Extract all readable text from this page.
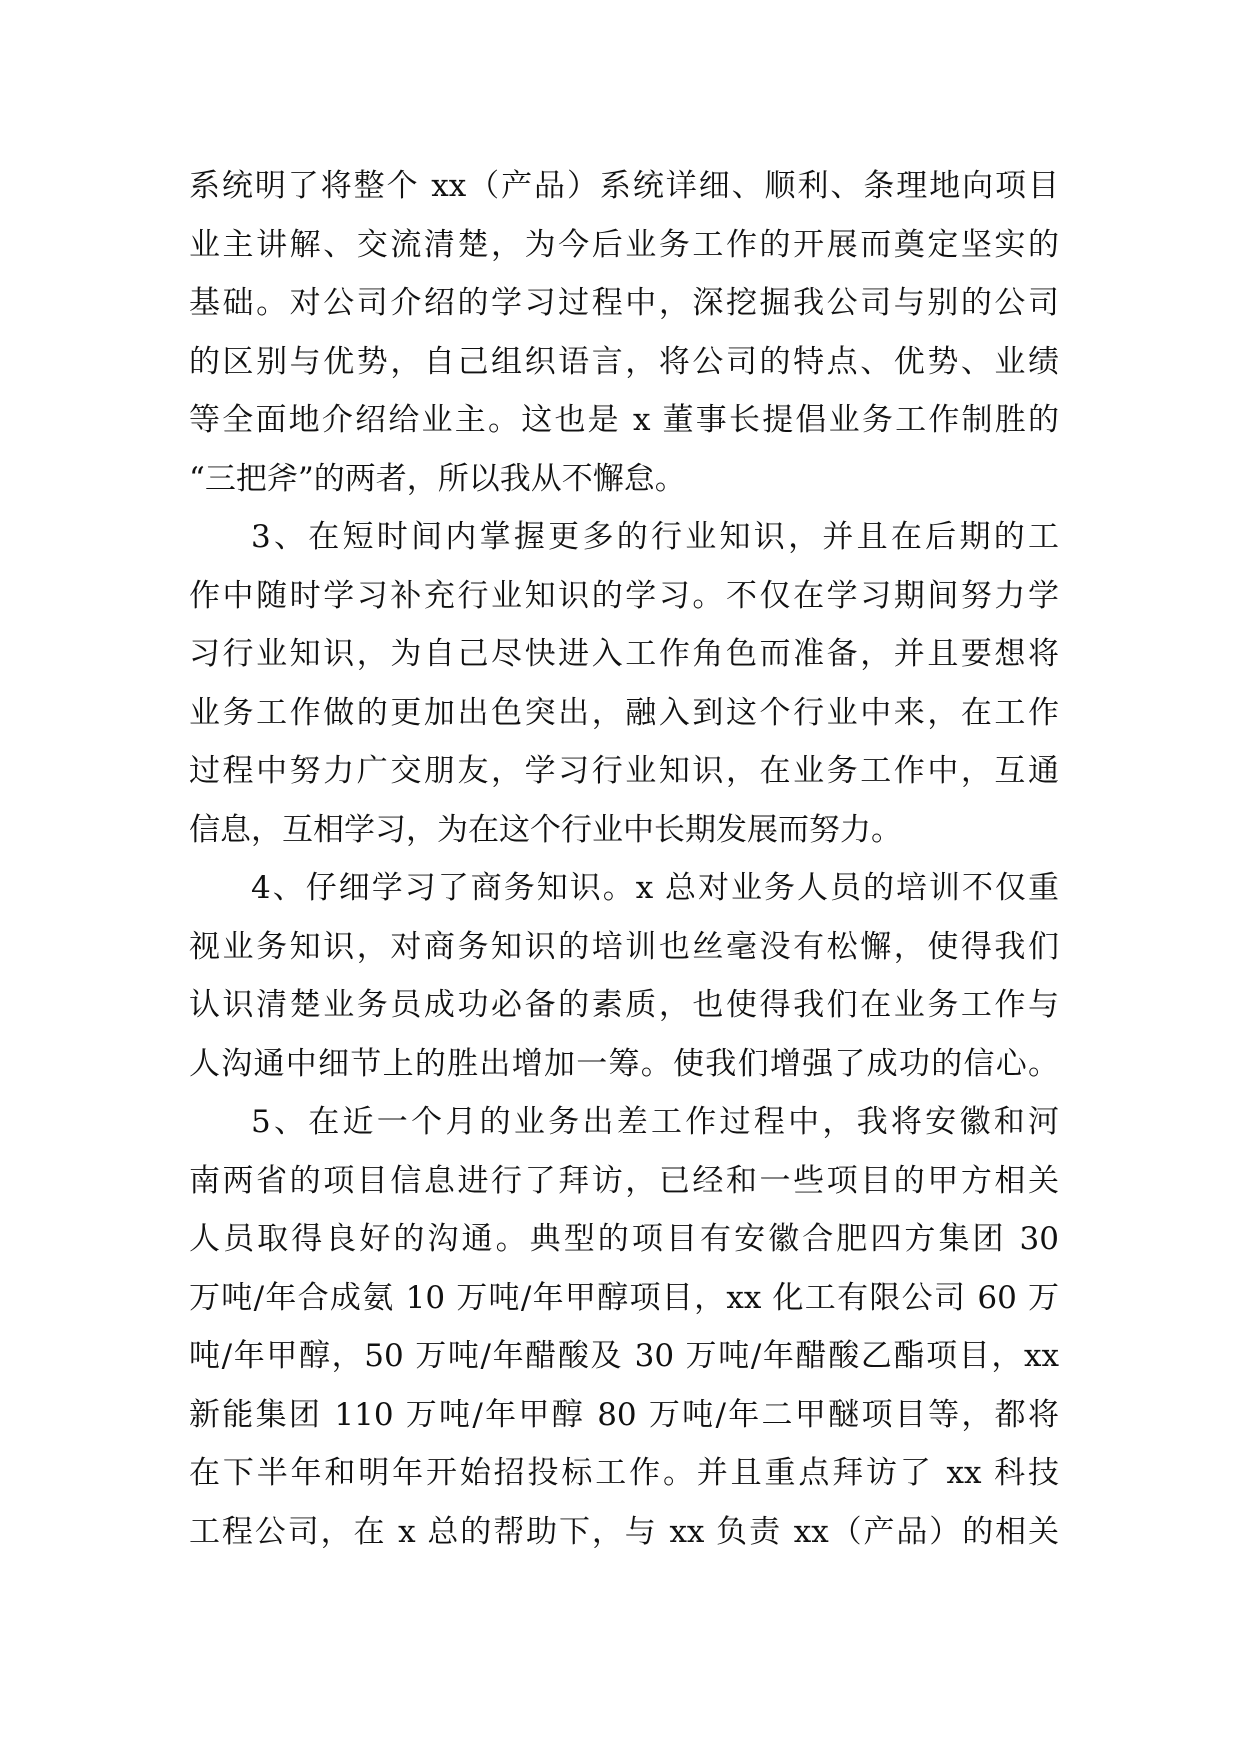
系统明了将整个 xx（产品）系统详细、顺利、条理地向项目
业主讲解、交流清楚，为今后业务工作的开展而奠定坚实的
基础。对公司介绍的学习过程中，深挖掘我公司与别的公司
的区别与优势，自己组织语言，将公司的特点、优势、业绩
等全面地介绍给业主。这也是 x 董事长提倡业务工作制胜的
“三把斧”的两者，所以我从不懈怠。
3、在短时间内掌握更多的行业知识，并且在后期的工
作中随时学习补充行业知识的学习。不仅在学习期间努力学
习行业知识，为自己尽快进入工作角色而准备，并且要想将
业务工作做的更加出色突出，融入到这个行业中来，在工作
过程中努力广交朋友，学习行业知识，在业务工作中，互通
信息，互相学习，为在这个行业中长期发展而努力。
4、仔细学习了商务知识。x 总对业务人员的培训不仅重
视业务知识，对商务知识的培训也丝毫没有松懈，使得我们
认识清楚业务员成功必备的素质，也使得我们在业务工作与
人沟通中细节上的胜出增加一筹。使我们增强了成功的信心。
5、在近一个月的业务出差工作过程中，我将安徽和河
南两省的项目信息进行了拜访，已经和一些项目的甲方相关
人员取得良好的沟通。典型的项目有安徽合肥四方集团 30
万吨/年合成氨 10 万吨/年甲醇项目，xx 化工有限公司 60 万
吨/年甲醇，50 万吨/年醋酸及 30 万吨/年醋酸乙酯项目，xx
新能集团 110 万吨/年甲醇 80 万吨/年二甲醚项目等，都将
在下半年和明年开始招投标工作。并且重点拜访了 xx 科技
工程公司，在 x 总的帮助下，与 xx 负责 xx（产品）的相关
